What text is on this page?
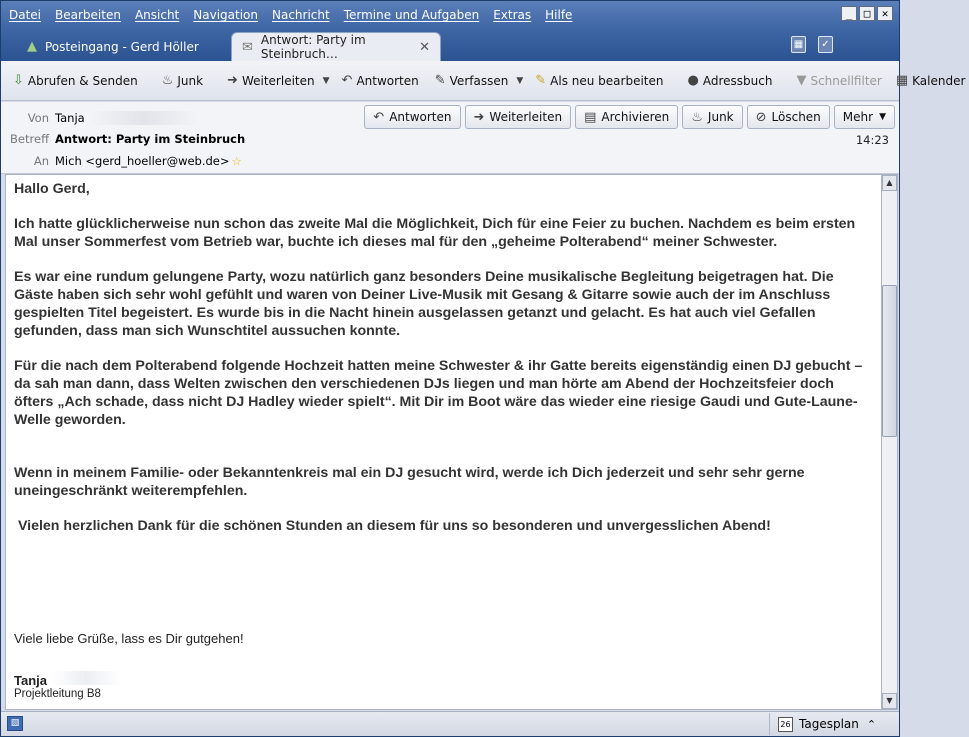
Datei Bearbeiten Ansicht Navigation Nachricht Termine und Aufgaben Extras Hilfe	_	□	✕
▲ Posteingang - Gerd Höller	✉ Antwort: Party im Steinbruch…	✕	▦	✓
⇩ Abrufen & Senden ♨ Junk ➜ Weiterleiten ▼ ↶ Antworten ✎ Verfassen ▼ ✎ Als neu bearbeiten ● Adressbuch ▼ Schnellfilter ▦ Kalender
Von Tanja
Betreff Antwort: Party im Steinbruch
An Mich <gerd_hoeller@web.de> ☆
↶ Antworten ➜ Weiterleiten ▤ Archivieren ♨ Junk ⊘ Löschen Mehr ▼
14:23

Hallo Gerd,

Ich hatte glücklicherweise nun schon das zweite Mal die Möglichkeit, Dich für eine Feier zu buchen. Nachdem es beim ersten Mal unser Sommerfest vom Betrieb war, buchte ich dieses mal für den „geheime Polterabend“ meiner Schwester.

Es war eine rundum gelungene Party, wozu natürlich ganz besonders Deine musikalische Begleitung beigetragen hat. Die Gäste haben sich sehr wohl gefühlt und waren von Deiner Live-Musik mit Gesang & Gitarre sowie auch der im Anschluss gespielten Titel begeistert. Es wurde bis in die Nacht hinein ausgelassen getanzt und gelacht. Es hat auch viel Gefallen gefunden, dass man sich Wunschtitel aussuchen konnte.

Für die nach dem Polterabend folgende Hochzeit hatten meine Schwester & ihr Gatte bereits eigenständig einen DJ gebucht – da sah man dann, dass Welten zwischen den verschiedenen DJs liegen und man hörte am Abend der Hochzeitsfeier doch öfters „Ach schade, dass nicht DJ Hadley wieder spielt“. Mit Dir im Boot wäre das wieder eine riesige Gaudi und Gute-Laune-Welle geworden.

Wenn in meinem Familie- oder Bekanntenkreis mal ein DJ gesucht wird, werde ich Dich jederzeit und sehr sehr gerne uneingeschränkt weiterempfehlen.

Vielen herzlichen Dank für die schönen Stunden an diesem für uns so besonderen und unvergesslichen Abend!

Viele liebe Grüße, lass es Dir gutgehen!
Tanja
Projektleitung B8
▲
▼
▧	26 Tagesplan ⌃
